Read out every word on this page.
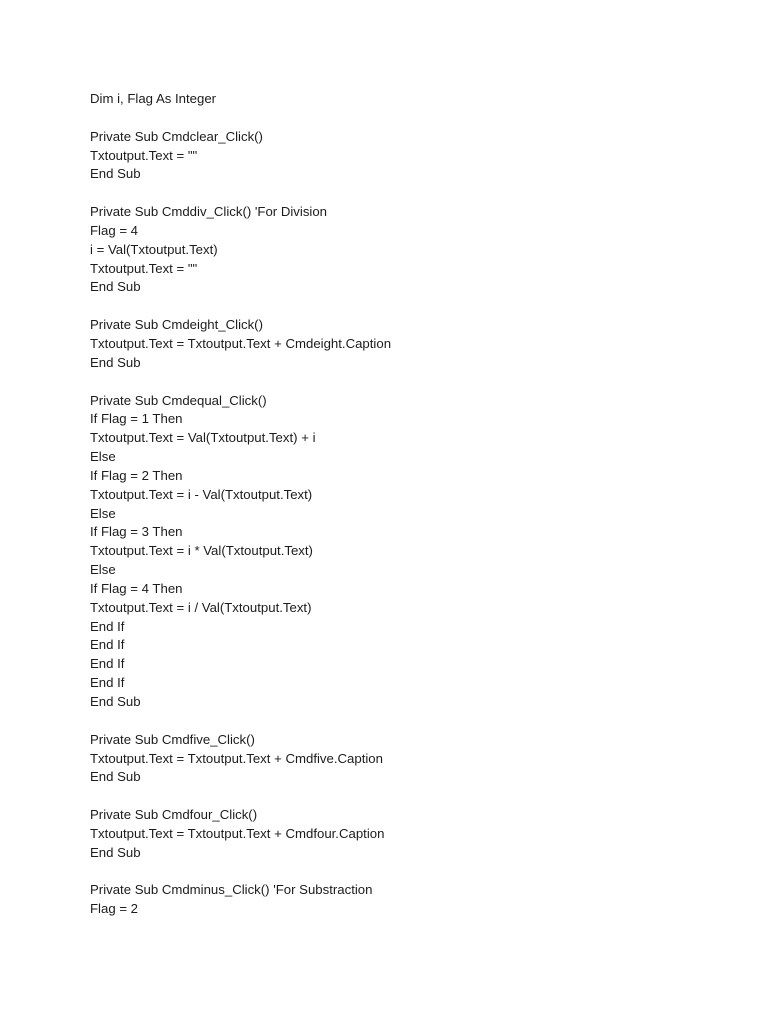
Dim i, Flag As Integer
Private Sub Cmdclear_Click()
Txtoutput.Text = ""
End Sub
Private Sub Cmddiv_Click() 'For Division
Flag = 4
i = Val(Txtoutput.Text)
Txtoutput.Text = ""
End Sub
Private Sub Cmdeight_Click()
Txtoutput.Text = Txtoutput.Text + Cmdeight.Caption
End Sub
Private Sub Cmdequal_Click()
If Flag = 1 Then
Txtoutput.Text = Val(Txtoutput.Text) + i
Else
If Flag = 2 Then
Txtoutput.Text = i - Val(Txtoutput.Text)
Else
If Flag = 3 Then
Txtoutput.Text = i * Val(Txtoutput.Text)
Else
If Flag = 4 Then
Txtoutput.Text = i / Val(Txtoutput.Text)
End If
End If
End If
End If
End Sub
Private Sub Cmdfive_Click()
Txtoutput.Text = Txtoutput.Text + Cmdfive.Caption
End Sub
Private Sub Cmdfour_Click()
Txtoutput.Text = Txtoutput.Text + Cmdfour.Caption
End Sub
Private Sub Cmdminus_Click() 'For Substraction
Flag = 2
